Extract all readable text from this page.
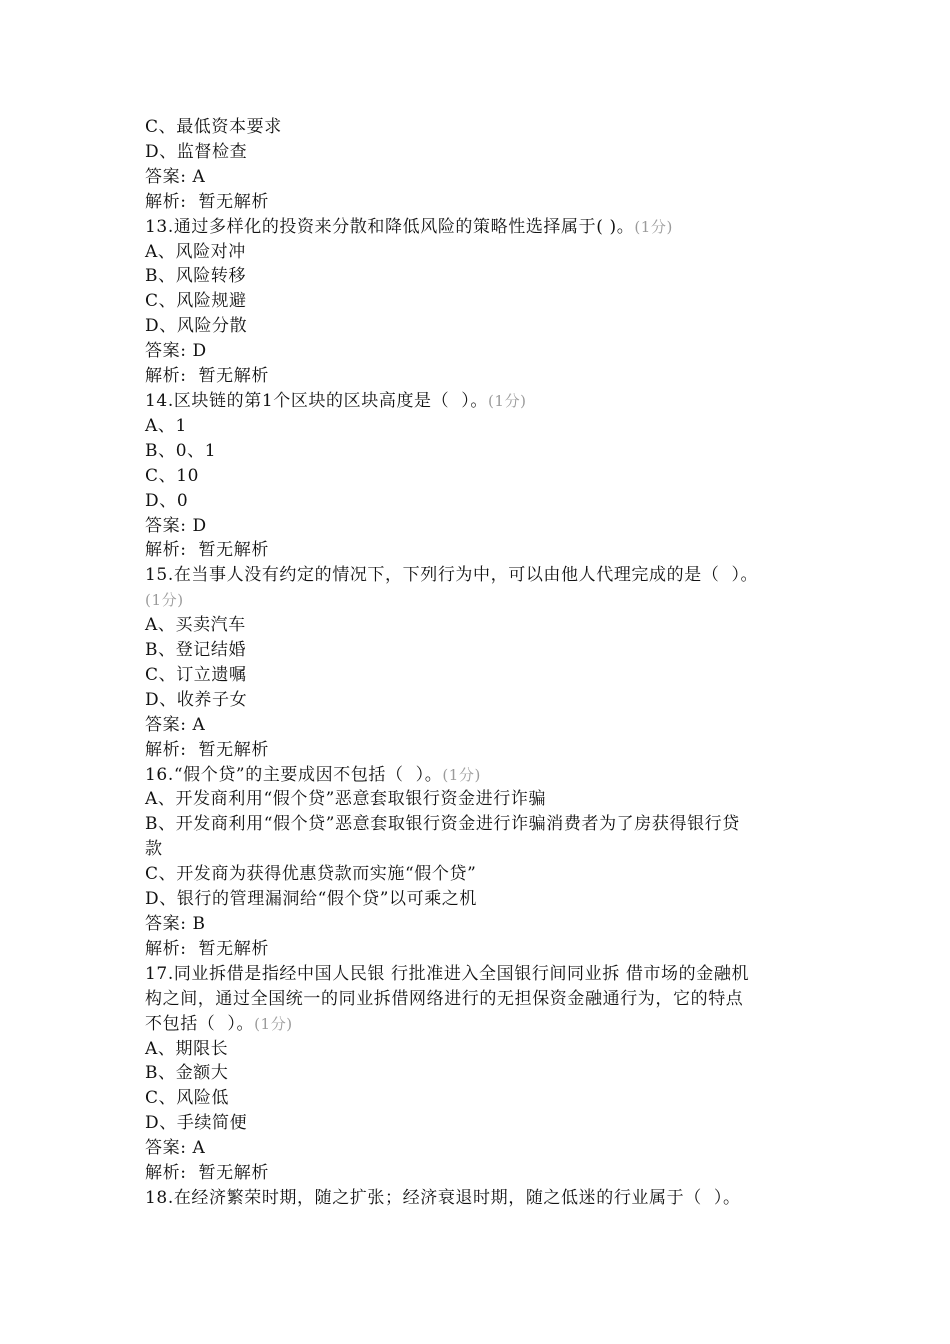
C、最低资本要求
D、监督检查
答案: A
解析:  暂无解析
13.通过多样化的投资来分散和降低风险的策略性选择属于( )。(1分)
A、风险对冲
B、风险转移
C、风险规避
D、风险分散
答案: D
解析:  暂无解析
14.区块链的第1个区块的区块高度是（  ）。(1分)
A、1
B、0、1
C、10
D、0
答案: D
解析:  暂无解析
15.在当事人没有约定的情况下，下列行为中，可以由他人代理完成的是（  ）。
(1分)
A、买卖汽车
B、登记结婚
C、订立遗嘱
D、收养子女
答案: A
解析:  暂无解析
16.“假个贷”的主要成因不包括（  ）。(1分)
A、开发商利用“假个贷”恶意套取银行资金进行诈骗
B、开发商利用“假个贷”恶意套取银行资金进行诈骗消费者为了房获得银行贷
款
C、开发商为获得优惠贷款而实施“假个贷”
D、银行的管理漏洞给“假个贷”以可乘之机
答案: B
解析:  暂无解析
17.同业拆借是指经中国人民银 行批准进入全国银行间同业拆 借市场的金融机
构之间，通过全国统一的同业拆借网络进行的无担保资金融通行为，它的特点
不包括（  ）。(1分)
A、期限长
B、金额大
C、风险低
D、手续简便
答案: A
解析:  暂无解析
18.在经济繁荣时期，随之扩张；经济衰退时期，随之低迷的行业属于（  ）。
